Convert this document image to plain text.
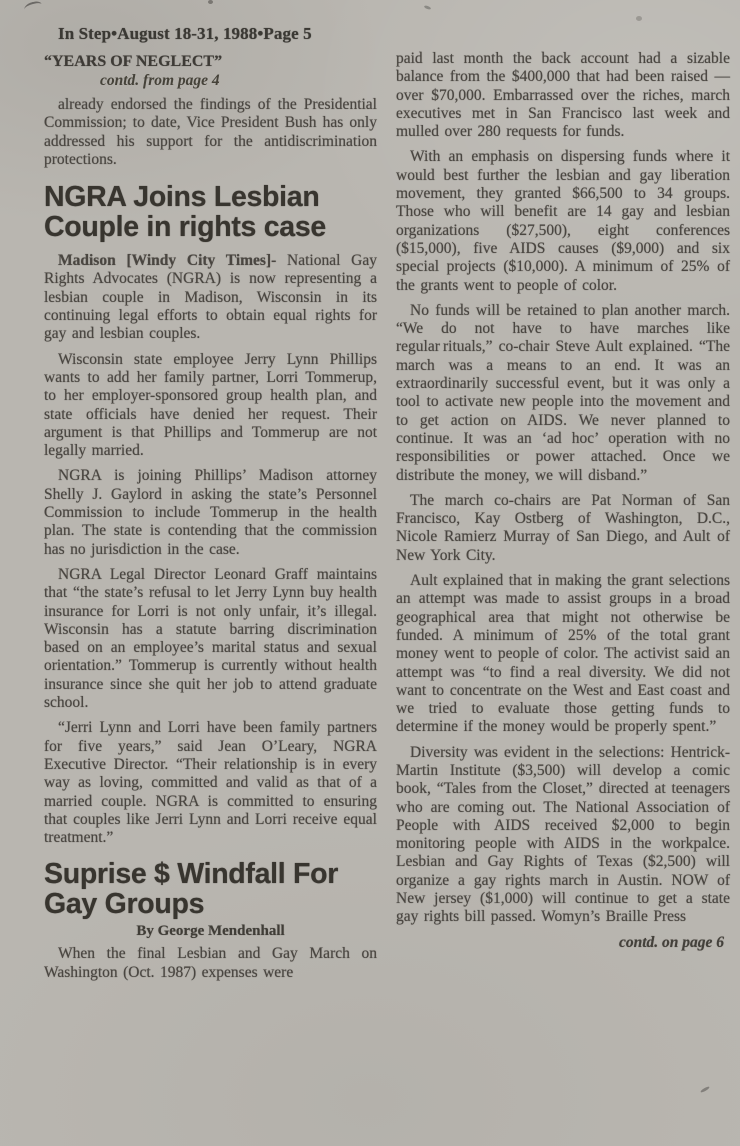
In Step•August 18-31, 1988•Page 5
“YEARS OF NEGLECT”
contd. from page 4

already endorsed the findings of the Presidential Commission; to date, Vice President Bush has only addressed his support for the antidiscrimination protections.

NGRA Joins Lesbian Couple in rights case

Madison [Windy City Times]- National Gay Rights Advocates (NGRA) is now representing a lesbian couple in Madison, Wisconsin in its continuing legal efforts to obtain equal rights for gay and lesbian couples.

Wisconsin state employee Jerry Lynn Phillips wants to add her family partner, Lorri Tommerup, to her employer-sponsored group health plan, and state officials have denied her request. Their argument is that Phillips and Tommerup are not legally married.

NGRA is joining Phillips’ Madison attorney Shelly J. Gaylord in asking the state’s Personnel Commission to include Tommerup in the health plan. The state is contending that the commission has no jurisdiction in the case.

NGRA Legal Director Leonard Graff maintains that “the state’s refusal to let Jerry Lynn buy health insurance for Lorri is not only unfair, it’s illegal. Wisconsin has a statute barring discrimination based on an employee’s marital status and sexual orientation.” Tommerup is currently without health insurance since she quit her job to attend graduate school.

“Jerri Lynn and Lorri have been family partners for five years,” said Jean O’Leary, NGRA Executive Director. “Their relationship is in every way as loving, committed and valid as that of a married couple. NGRA is committed to ensuring that couples like Jerri Lynn and Lorri receive equal treatment.”

Suprise $ Windfall For Gay Groups
By George Mendenhall

When the final Lesbian and Gay March on Washington (Oct. 1987) expenses were

paid last month the back account had a sizable balance from the $400,000 that had been raised — over $70,000. Embarrassed over the riches, march executives met in San Francisco last week and mulled over 280 requests for funds.

With an emphasis on dispersing funds where it would best further the lesbian and gay liberation movement, they granted $66,500 to 34 groups. Those who will benefit are 14 gay and lesbian organizations ($27,500), eight conferences ($15,000), five AIDS causes ($9,000) and six special projects ($10,000). A minimum of 25% of the grants went to people of color.

No funds will be retained to plan another march. “We do not have to have marches like regular rituals,” co-chair Steve Ault explained. “The march was a means to an end. It was an extraordinarily successful event, but it was only a tool to activate new people into the movement and to get action on AIDS. We never planned to continue. It was an ‘ad hoc’ operation with no responsibilities or power attached. Once we distribute the money, we will disband.”

The march co-chairs are Pat Norman of San Francisco, Kay Ostberg of Washington, D.C., Nicole Ramierz Murray of San Diego, and Ault of New York City.

Ault explained that in making the grant selections an attempt was made to assist groups in a broad geographical area that might not otherwise be funded. A minimum of 25% of the total grant money went to people of color. The activist said an attempt was “to find a real diversity. We did not want to concentrate on the West and East coast and we tried to evaluate those getting funds to determine if the money would be properly spent.”

Diversity was evident in the selections: Hentrick-Martin Institute ($3,500) will develop a comic book, “Tales from the Closet,” directed at teenagers who are coming out. The National Association of People with AIDS received $2,000 to begin monitoring people with AIDS in the workpalce. Lesbian and Gay Rights of Texas ($2,500) will organize a gay rights march in Austin. NOW of New jersey ($1,000) will continue to get a state gay rights bill passed. Womyn’s Braille Press

contd. on page 6
